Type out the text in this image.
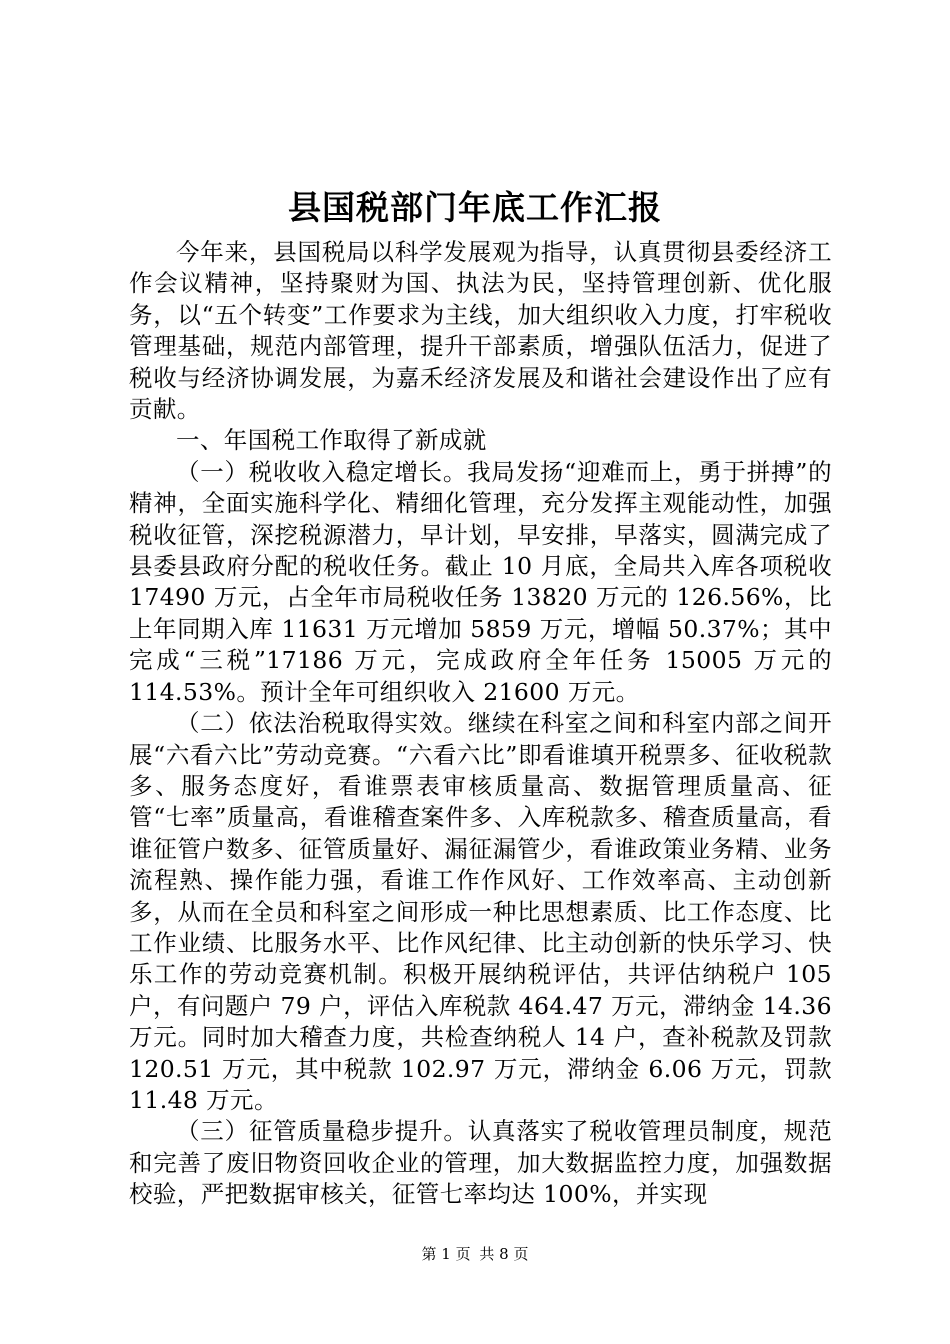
县国税部门年底工作汇报

今年来，县国税局以科学发展观为指导，认真贯彻县委经济工作会议精神，坚持聚财为国、执法为民，坚持管理创新、优化服务，以“五个转变”工作要求为主线，加大组织收入力度，打牢税收管理基础，规范内部管理，提升干部素质，增强队伍活力，促进了税收与经济协调发展，为嘉禾经济发展及和谐社会建设作出了应有贡献。

一、年国税工作取得了新成就

（一）税收收入稳定增长。我局发扬“迎难而上，勇于拼搏”的精神，全面实施科学化、精细化管理，充分发挥主观能动性，加强税收征管，深挖税源潜力，早计划，早安排，早落实，圆满完成了县委县政府分配的税收任务。截止 10 月底，全局共入库各项税收 17490 万元，占全年市局税收任务 13820 万元的 126.56%，比上年同期入库 11631 万元增加 5859 万元，增幅 50.37%；其中完成“三税”17186 万元，完成政府全年任务 15005 万元的 114.53%。预计全年可组织收入 21600 万元。

（二）依法治税取得实效。继续在科室之间和科室内部之间开展“六看六比”劳动竞赛。“六看六比”即看谁填开税票多、征收税款多、服务态度好，看谁票表审核质量高、数据管理质量高、征管“七率”质量高，看谁稽查案件多、入库税款多、稽查质量高，看谁征管户数多、征管质量好、漏征漏管少，看谁政策业务精、业务流程熟、操作能力强，看谁工作作风好、工作效率高、主动创新多，从而在全员和科室之间形成一种比思想素质、比工作态度、比工作业绩、比服务水平、比作风纪律、比主动创新的快乐学习、快乐工作的劳动竞赛机制。积极开展纳税评估，共评估纳税户 105 户，有问题户 79 户，评估入库税款 464.47 万元，滞纳金 14.36 万元。同时加大稽查力度，共检查纳税人 14 户，查补税款及罚款 120.51 万元，其中税款 102.97 万元，滞纳金 6.06 万元，罚款 11.48 万元。

（三）征管质量稳步提升。认真落实了税收管理员制度，规范和完善了废旧物资回收企业的管理，加大数据监控力度，加强数据校验，严把数据审核关，征管七率均达 100%，并实现

第 1 页 共 8 页
